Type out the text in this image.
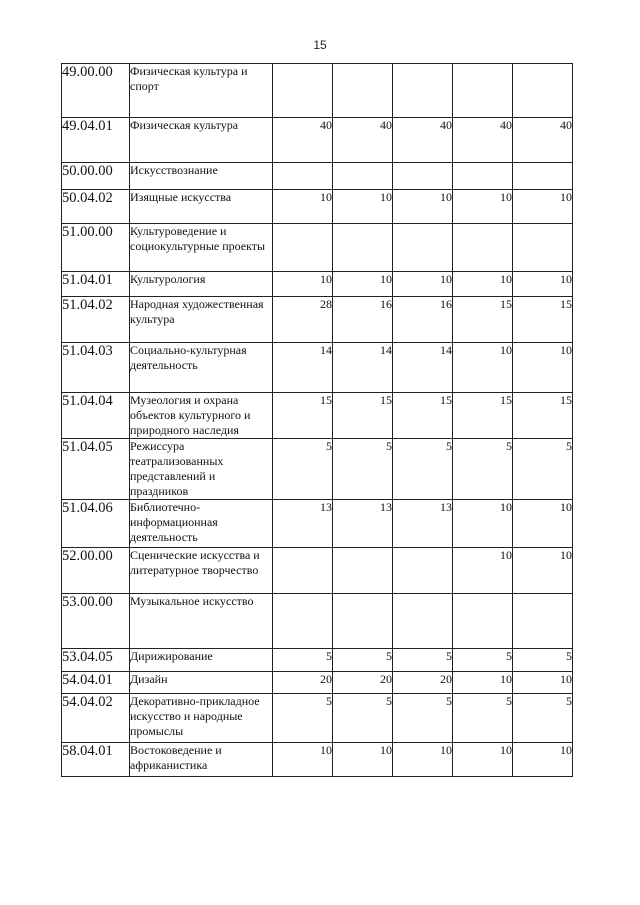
15
49.00.00	Физическая культура и спорт					
49.04.01	Физическая культура	40	40	40	40	40
50.00.00	Искусствознание					
50.04.02	Изящные искусства	10	10	10	10	10
51.00.00	Культуроведение и социокультурные проекты					
51.04.01	Культурология	10	10	10	10	10
51.04.02	Народная художественная культура	28	16	16	15	15
51.04.03	Социально-культурная деятельность	14	14	14	10	10
51.04.04	Музеология и охрана объектов культурного и природного наследия	15	15	15	15	15
51.04.05	Режиссура театрализованных представлений и праздников	5	5	5	5	5
51.04.06	Библиотечно-информационная деятельность	13	13	13	10	10
52.00.00	Сценические искусства и литературное творчество				10	10
53.00.00	Музыкальное искусство					
53.04.05	Дирижирование	5	5	5	5	5
54.04.01	Дизайн	20	20	20	10	10
54.04.02	Декоративно-прикладное искусство и народные промыслы	5	5	5	5	5
58.04.01	Востоковедение и африканистика	10	10	10	10	10
